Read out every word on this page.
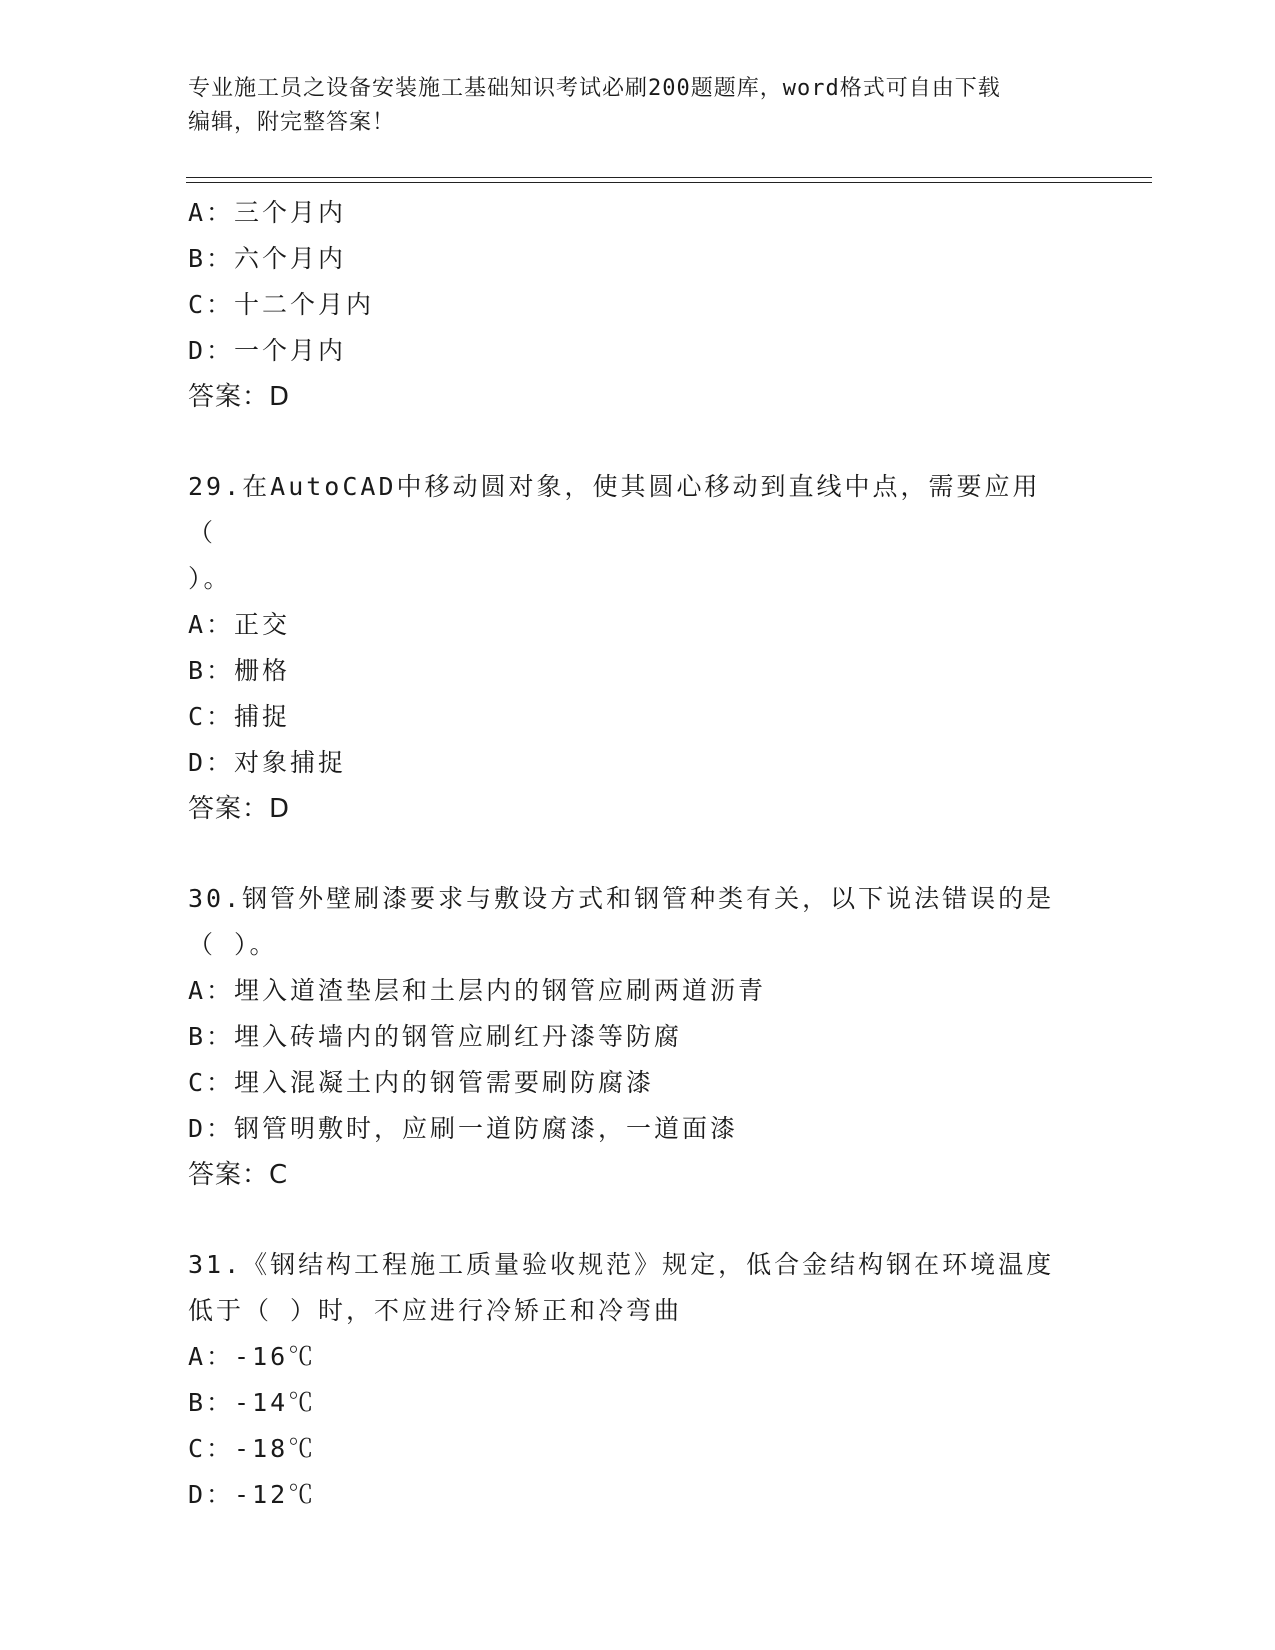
专业施工员之设备安装施工基础知识考试必刷200题题库，word格式可自由下载
编辑，附完整答案！
A：三个月内
B：六个月内
C：十二个月内
D：一个月内
答案：D
29.在AutoCAD中移动圆对象，使其圆心移动到直线中点，需要应用（
）。
A：正交
B：栅格
C：捕捉
D：对象捕捉
答案：D
30.钢管外壁刷漆要求与敷设方式和钢管种类有关，以下说法错误的是
（ ）。
A：埋入道渣垫层和土层内的钢管应刷两道沥青
B：埋入砖墙内的钢管应刷红丹漆等防腐
C：埋入混凝土内的钢管需要刷防腐漆
D：钢管明敷时，应刷一道防腐漆，一道面漆
答案：C
31.《钢结构工程施工质量验收规范》规定，低合金结构钢在环境温度
低于（ ）时，不应进行冷矫正和冷弯曲
A：-16℃
B：-14℃
C：-18℃
D：-12℃
